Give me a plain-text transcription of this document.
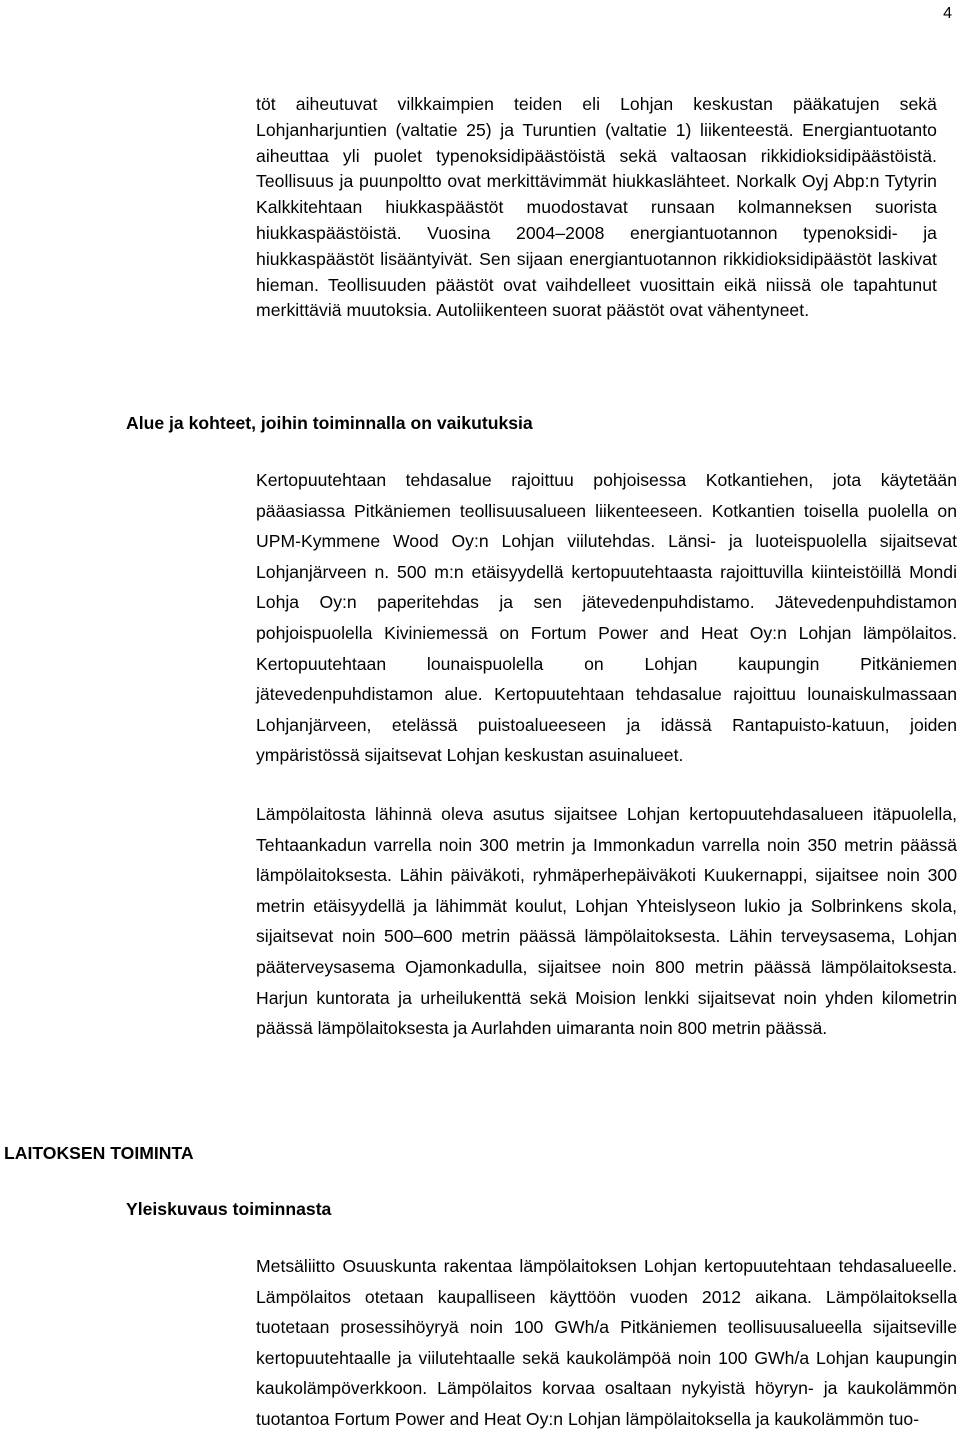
4

töt aiheutuvat vilkkaimpien teiden eli Lohjan keskustan pääkatujen sekä Lohjanharjuntien (valtatie 25) ja Turuntien (valtatie 1) liikenteestä. Energiantuotanto aiheuttaa yli puolet typenoksidipäästöistä sekä valtaosan rikkidioksidipäästöistä. Teollisuus ja puunpoltto ovat merkittävimmät hiukkaslähteet. Norkalk Oyj Abp:n Tytyrin Kalkkitehtaan hiukkaspäästöt muodostavat runsaan kolmanneksen suorista hiukkaspäästöistä. Vuosina 2004–2008 energiantuotannon typenoksidi- ja hiukkaspäästöt lisääntyivät. Sen sijaan energiantuotannon rikkidioksidipäästöt laskivat hieman. Teollisuuden päästöt ovat vaihdelleet vuosittain eikä niissä ole tapahtunut merkittäviä muutoksia. Autoliikenteen suorat päästöt ovat vähentyneet.

Alue ja kohteet, joihin toiminnalla on vaikutuksia

Kertopuutehtaan tehdasalue rajoittuu pohjoisessa Kotkantiehen, jota käytetään pääasiassa Pitkäniemen teollisuusalueen liikenteeseen. Kotkantien toisella puolella on UPM-Kymmene Wood Oy:n Lohjan viilutehdas. Länsi- ja luoteispuolella sijaitsevat Lohjanjärveen n. 500 m:n etäisyydellä kertopuutehtaasta rajoittuvilla kiinteistöillä Mondi Lohja Oy:n paperitehdas ja sen jätevedenpuhdistamo. Jätevedenpuhdistamon pohjoispuolella Kiviniemessä on Fortum Power and Heat Oy:n Lohjan lämpölaitos. Kertopuutehtaan lounaispuolella on Lohjan kaupungin Pitkäniemen jätevedenpuhdistamon alue. Kertopuutehtaan tehdasalue rajoittuu lounaiskulmassaan Lohjanjärveen, etelässä puistoalueeseen ja idässä Rantapuisto-katuun, joiden ympäristössä sijaitsevat Lohjan keskustan asuinalueet.

Lämpölaitosta lähinnä oleva asutus sijaitsee Lohjan kertopuutehdasalueen itäpuolella, Tehtaankadun varrella noin 300 metrin ja Immonkadun varrella noin 350 metrin päässä lämpölaitoksesta. Lähin päiväkoti, ryhmäperhepäiväkoti Kuukernappi, sijaitsee noin 300 metrin etäisyydellä ja lähimmät koulut, Lohjan Yhteislyseon lukio ja Solbrinkens skola, sijaitsevat noin 500–600 metrin päässä lämpölaitoksesta. Lähin terveysasema, Lohjan pääterveysasema Ojamonkadulla, sijaitsee noin 800 metrin päässä lämpölaitoksesta. Harjun kuntorata ja urheilukenttä sekä Moision lenkki sijaitsevat noin yhden kilometrin päässä lämpölaitoksesta ja Aurlahden uimaranta noin 800 metrin päässä.

LAITOKSEN TOIMINTA
Yleiskuvaus toiminnasta

Metsäliitto Osuuskunta rakentaa lämpölaitoksen Lohjan kertopuutehtaan tehdasalueelle. Lämpölaitos otetaan kaupalliseen käyttöön vuoden 2012 aikana. Lämpölaitoksella tuotetaan prosessihöyryä noin 100 GWh/a Pitkäniemen teollisuusalueella sijaitseville kertopuutehtaalle ja viilutehtaalle sekä kaukolämpöä noin 100 GWh/a Lohjan kaupungin kaukolämpöverkkoon. Lämpölaitos korvaa osaltaan nykyistä höyryn- ja kaukolämmön tuotantoa Fortum Power and Heat Oy:n Lohjan lämpölaitoksella ja kaukolämmön tuo-
